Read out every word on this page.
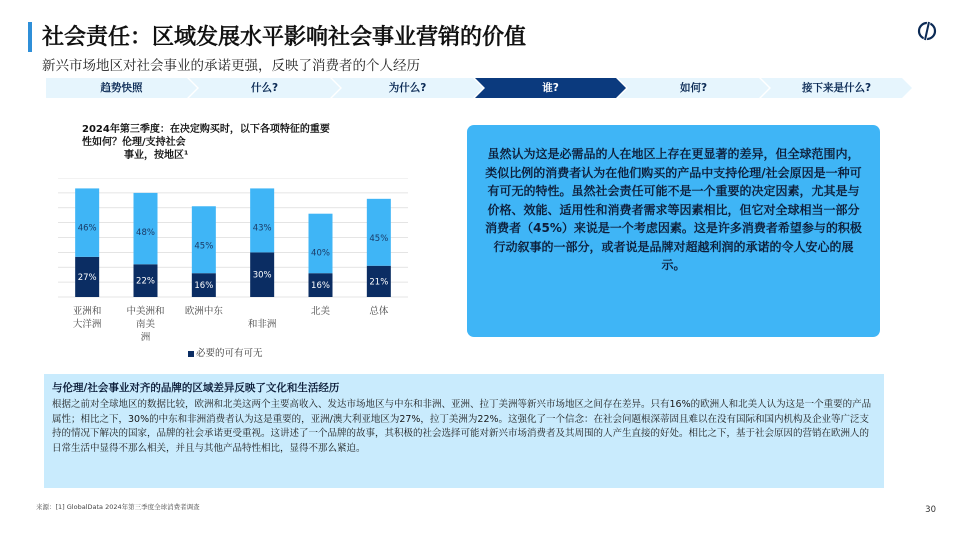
社会责任：区域发展水平影响社会事业营销的价值
新兴市场地区对社会事业的承诺更强，反映了消费者的个人经历
趋势快照	什么?	为什么?	谁?	如何?	接下来是什么?
2024年第三季度：在决定购买时，以下各项特征的重要
性如何？伦理/支持社会
事业，按地区¹
27%
46%
亚洲和
大洋洲
22%
48%
中美洲和
南美
洲
16%
45%
欧洲中东
30%
43%
和非洲
16%
40%
北美
21%
45%
总体
必要的可有可无

虽然认为这是必需品的人在地区上存在更显著的差异，但全球范围内，类似比例的消费者认为在他们购买的产品中支持伦理/社会原因是一种可有可无的特性。虽然社会责任可能不是一个重要的决定因素，尤其是与价格、效能、适用性和消费者需求等因素相比，但它对全球相当一部分消费者（45%）来说是一个考虑因素。这是许多消费者希望参与的积极行动叙事的一部分，或者说是品牌对超越利润的承诺的令人安心的展示。

与伦理/社会事业对齐的品牌的区域差异反映了文化和生活经历

根据之前对全球地区的数据比较，欧洲和北美这两个主要高收入、发达市场地区与中东和非洲、亚洲、拉丁美洲等新兴市场地区之间存在差异。只有16%的欧洲人和北美人认为这是一个重要的产品属性；相比之下，30%的中东和非洲消费者认为这是重要的，亚洲/澳大利亚地区为27%，拉丁美洲为22%。这强化了一个信念：在社会问题根深蒂固且难以在没有国际和国内机构及企业等广泛支持的情况下解决的国家，品牌的社会承诺更受重视。这讲述了一个品牌的故事，其积极的社会选择可能对新兴市场消费者及其周围的人产生直接的好处。相比之下，基于社会原因的营销在欧洲人的日常生活中显得不那么相关，并且与其他产品特性相比，显得不那么紧迫。

来源：[1] GlobalData 2024年第三季度全球消费者调查	30
